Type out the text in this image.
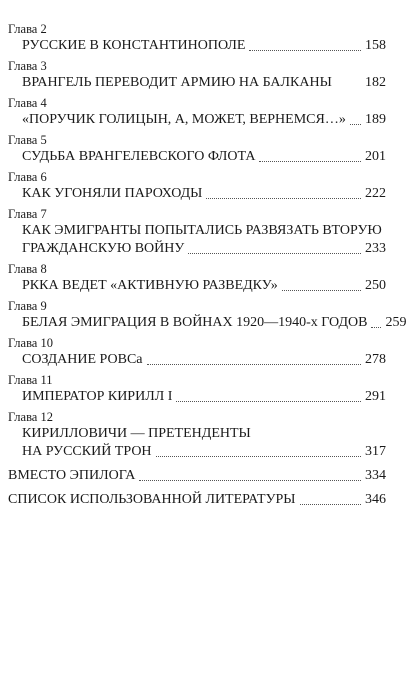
Глава 2
РУССКИЕ В КОНСТАНТИНОПОЛЕ	158
Глава 3
ВРАНГЕЛЬ ПЕРЕВОДИТ АРМИЮ НА БАЛКАНЫ 182
Глава 4
«ПОРУЧИК ГОЛИЦЫН, А, МОЖЕТ, ВЕРНЕМСЯ…» 189
Глава 5
СУДЬБА ВРАНГЕЛЕВСКОГО ФЛОТА	201
Глава 6
КАК УГОНЯЛИ ПАРОХОДЫ	222
Глава 7
КАК ЭМИГРАНТЫ ПОПЫТАЛИСЬ РАЗВЯЗАТЬ ВТОРУЮ
ГРАЖДАНСКУЮ ВОЙНУ	233
Глава 8
РККА ВЕДЕТ «АКТИВНУЮ РАЗВЕДКУ»	250
Глава 9
БЕЛАЯ ЭМИГРАЦИЯ В ВОЙНАХ 1920—1940-х ГОДОВ 259
Глава 10
СОЗДАНИЕ РОВСа	278
Глава 11
ИМПЕРАТОР КИРИЛЛ I	291
Глава 12
КИРИЛЛОВИЧИ — ПРЕТЕНДЕНТЫ
НА РУССКИЙ ТРОН	317
ВМЕСТО ЭПИЛОГА	334
СПИСОК ИСПОЛЬЗОВАННОЙ ЛИТЕРАТУРЫ	346
